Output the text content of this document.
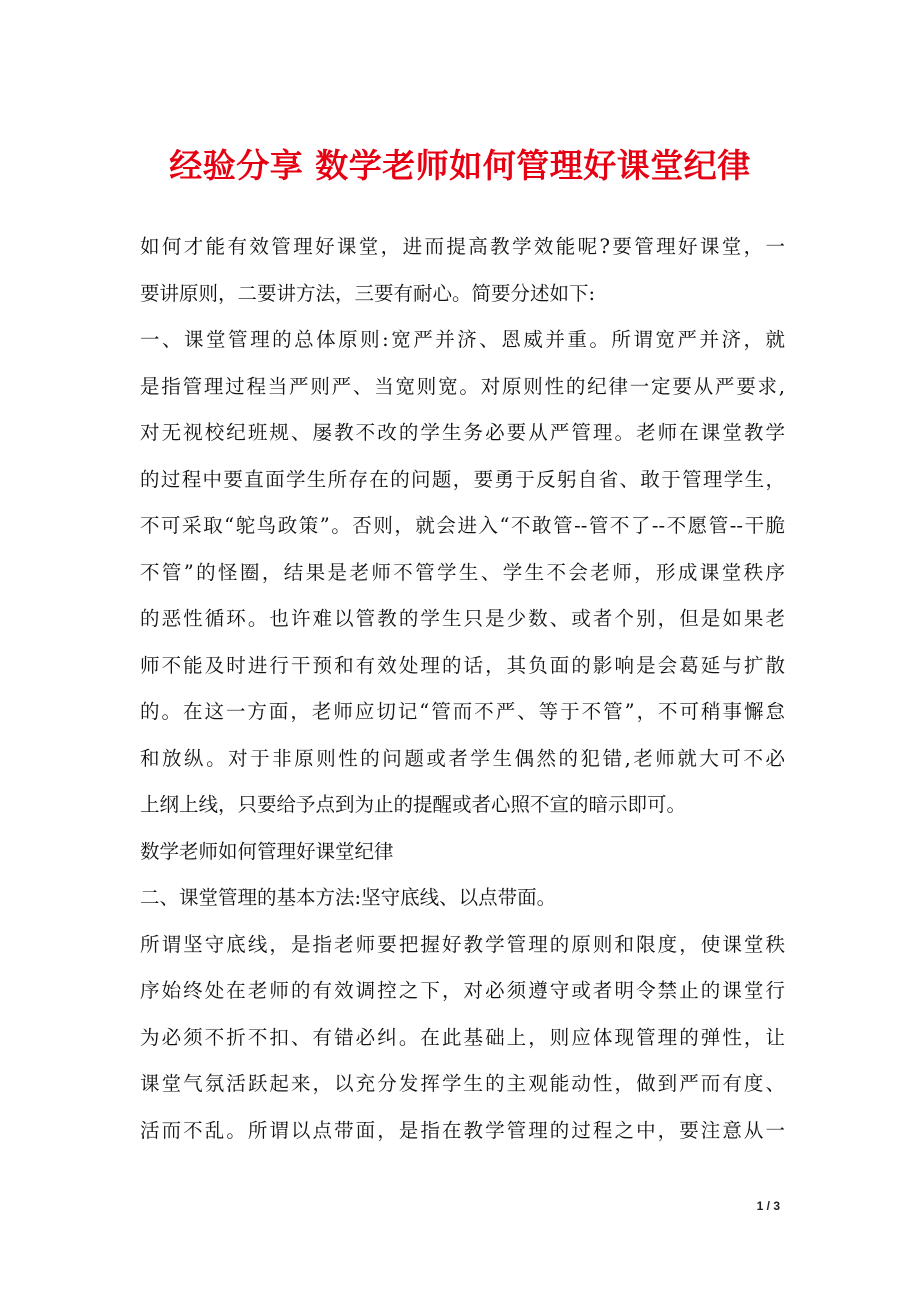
经验分享 数学老师如何管理好课堂纪律
如何才能有效管理好课堂，进而提高教学效能呢?要管理好课堂，一
要讲原则，二要讲方法，三要有耐心。简要分述如下:
一、课堂管理的总体原则:宽严并济、恩威并重。所谓宽严并济，就
是指管理过程当严则严、当宽则宽。对原则性的纪律一定要从严要求,
对无视校纪班规、屡教不改的学生务必要从严管理。老师在课堂教学
的过程中要直面学生所存在的问题，要勇于反躬自省、敢于管理学生，
不可采取“鸵鸟政策”。否则，就会进入“不敢管--管不了--不愿管--干脆
不管”的怪圈，结果是老师不管学生、学生不会老师，形成课堂秩序
的恶性循环。也许难以管教的学生只是少数、或者个别，但是如果老
师不能及时进行干预和有效处理的话，其负面的影响是会葛延与扩散
的。在这一方面，老师应切记“管而不严、等于不管”，不可稍事懈怠
和放纵。对于非原则性的问题或者学生偶然的犯错,老师就大可不必
上纲上线，只要给予点到为止的提醒或者心照不宣的暗示即可。
数学老师如何管理好课堂纪律
二、课堂管理的基本方法:坚守底线、以点带面。
所谓坚守底线，是指老师要把握好教学管理的原则和限度，使课堂秩
序始终处在老师的有效调控之下，对必须遵守或者明令禁止的课堂行
为必须不折不扣、有错必纠。在此基础上，则应体现管理的弹性，让
课堂气氛活跃起来，以充分发挥学生的主观能动性，做到严而有度、
活而不乱。所谓以点带面，是指在教学管理的过程之中，要注意从一
1 / 3
